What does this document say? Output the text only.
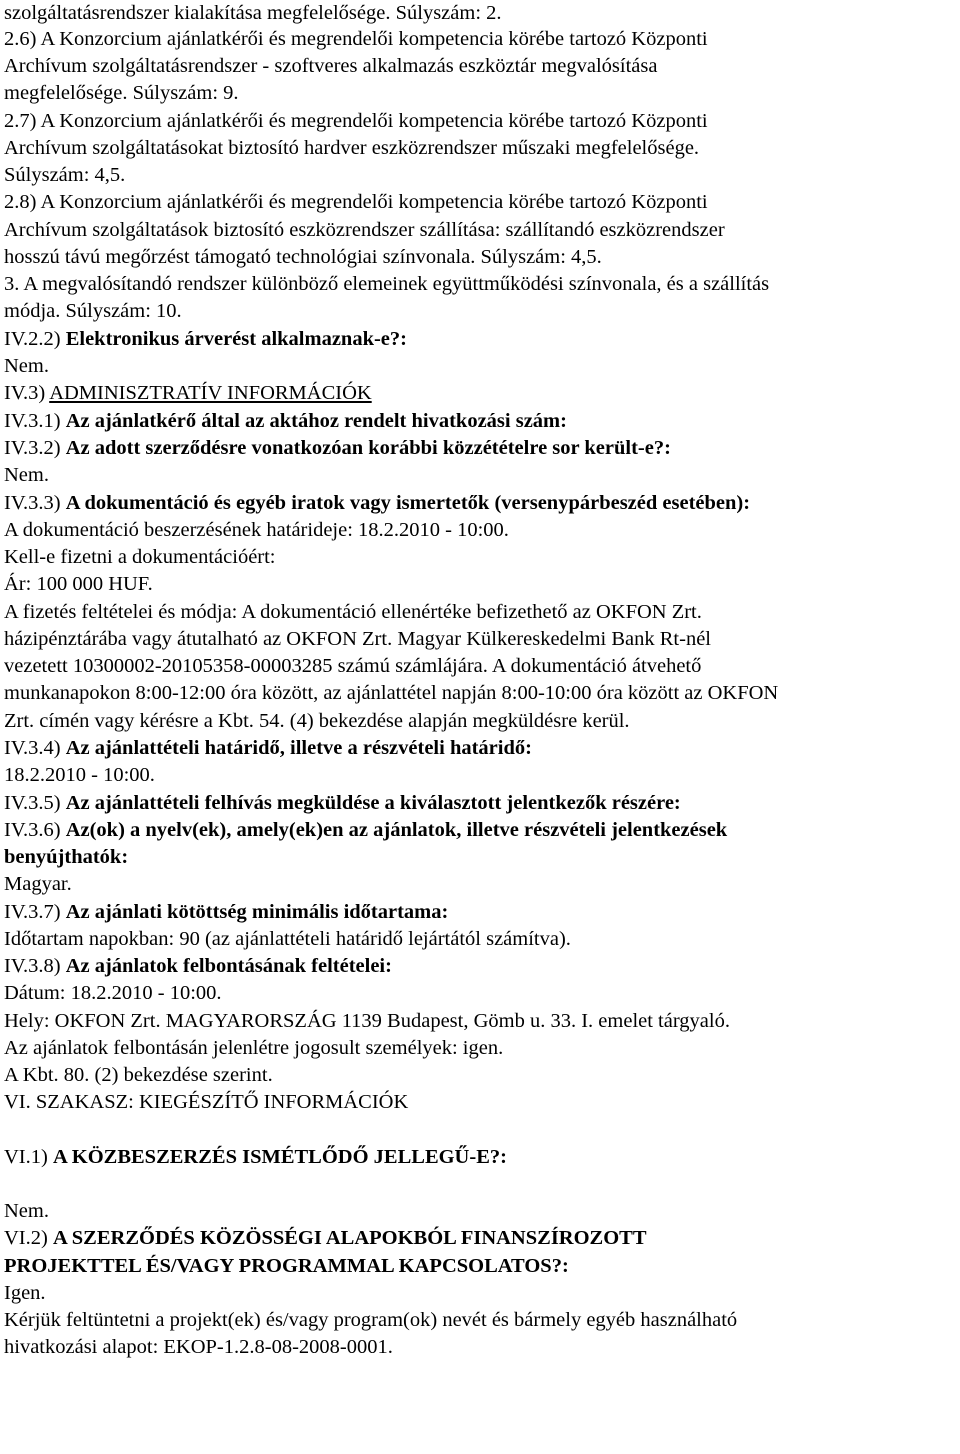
szolgáltatásrendszer kialakítása megfelelősége. Súlyszám: 2.
2.6) A Konzorcium ajánlatkérői és megrendelői kompetencia körébe tartozó Központi
Archívum szolgáltatásrendszer - szoftveres alkalmazás eszköztár megvalósítása
megfelelősége. Súlyszám: 9.
2.7) A Konzorcium ajánlatkérői és megrendelői kompetencia körébe tartozó Központi
Archívum szolgáltatásokat biztosító hardver eszközrendszer műszaki megfelelősége.
Súlyszám: 4,5.
2.8) A Konzorcium ajánlatkérői és megrendelői kompetencia körébe tartozó Központi
Archívum szolgáltatások biztosító eszközrendszer szállítása: szállítandó eszközrendszer
hosszú távú megőrzést támogató technológiai színvonala. Súlyszám: 4,5.
3. A megvalósítandó rendszer különböző elemeinek együttműködési színvonala, és a szállítás
módja. Súlyszám: 10.
IV.2.2) Elektronikus árverést alkalmaznak-e?:
Nem.
IV.3) ADMINISZTRATÍV INFORMÁCIÓK
IV.3.1) Az ajánlatkérő által az aktához rendelt hivatkozási szám:
IV.3.2) Az adott szerződésre vonatkozóan korábbi közzétételre sor került-e?:
Nem.
IV.3.3) A dokumentáció és egyéb iratok vagy ismertetők (versenypárbeszéd esetében):
A dokumentáció beszerzésének határideje: 18.2.2010 - 10:00.
Kell-e fizetni a dokumentációért:
Ár: 100 000 HUF.
A fizetés feltételei és módja: A dokumentáció ellenértéke befizethető az OKFON Zrt.
házipénztárába vagy átutalható az OKFON Zrt. Magyar Külkereskedelmi Bank Rt-nél
vezetett 10300002-20105358-00003285 számú számlájára. A dokumentáció átvehető
munkanapokon 8:00-12:00 óra között, az ajánlattétel napján 8:00-10:00 óra között az OKFON
Zrt. címén vagy kérésre a Kbt. 54. (4) bekezdése alapján megküldésre kerül.
IV.3.4) Az ajánlattételi határidő, illetve a részvételi határidő:
18.2.2010 - 10:00.
IV.3.5) Az ajánlattételi felhívás megküldése a kiválasztott jelentkezők részére:
IV.3.6) Az(ok) a nyelv(ek), amely(ek)en az ajánlatok, illetve részvételi jelentkezések
benyújthatók:
Magyar.
IV.3.7) Az ajánlati kötöttség minimális időtartama:
Időtartam napokban: 90 (az ajánlattételi határidő lejártától számítva).
IV.3.8) Az ajánlatok felbontásának feltételei:
Dátum: 18.2.2010 - 10:00.
Hely: OKFON Zrt. MAGYARORSZÁG 1139 Budapest, Gömb u. 33. I. emelet tárgyaló.
Az ajánlatok felbontásán jelenlétre jogosult személyek: igen.
A Kbt. 80. (2) bekezdése szerint.
VI. SZAKASZ: KIEGÉSZÍTŐ INFORMÁCIÓK
VI.1) A KÖZBESZERZÉS ISMÉTLŐDŐ JELLEGŰ-E?:
Nem.
VI.2) A SZERZŐDÉS KÖZÖSSÉGI ALAPOKBÓL FINANSZÍROZOTT
PROJEKTTEL ÉS/VAGY PROGRAMMAL KAPCSOLATOS?:
Igen.
Kérjük feltüntetni a projekt(ek) és/vagy program(ok) nevét és bármely egyéb használható
hivatkozási alapot: EKOP-1.2.8-08-2008-0001.
